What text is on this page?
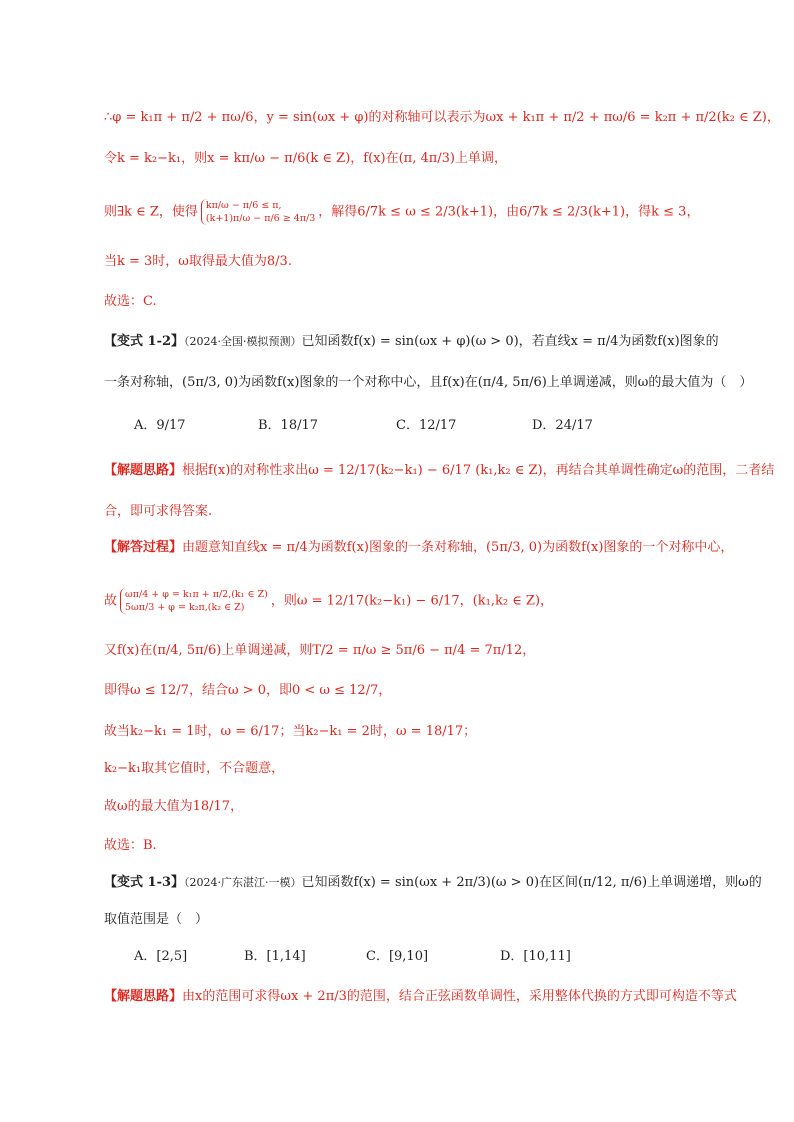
∴φ = k₁π + π/2 + πω/6，y = sin(ωx + φ)的对称轴可以表示为ωx + k₁π + π/2 + πω/6 = k₂π + π/2(k₂ ∈ Z)，
令k = k₂−k₁，则x = kπ/ω − π/6(k ∈ Z)，f(x)在(π, 4π/3)上单调，
则∃k ∈ Z，使得 kπ/ω − π/6 ≤ π,
(k+1)π/ω − π/6 ≥ 4π/3 ，解得6/7k ≤ ω ≤ 2/3(k+1)，由6/7k ≤ 2/3(k+1)，得k ≤ 3，
当k = 3时，ω取得最大值为8/3.
故选：C.
【变式 1-2】（2024·全国·模拟预测）已知函数f(x) = sin(ωx + φ)(ω > 0)，若直线x = π/4为函数f(x)图象的
一条对称轴，(5π/3, 0)为函数f(x)图象的一个对称中心，且f(x)在(π/4, 5π/6)上单调递减，则ω的最大值为（　）
A．9/17	B．18/17	C．12/17	D．24/17
【解题思路】根据f(x)的对称性求出ω = 12/17(k₂−k₁) − 6/17 (k₁,k₂ ∈ Z)，再结合其单调性确定ω的范围，二者结
合，即可求得答案.
【解答过程】由题意知直线x = π/4为函数f(x)图象的一条对称轴，(5π/3, 0)为函数f(x)图象的一个对称中心，
故 ωπ/4 + φ = k₁π + π/2,(k₁ ∈ Z)
5ωπ/3 + φ = k₂π,(k₂ ∈ Z)	，则ω = 12/17(k₂−k₁) − 6/17，(k₁,k₂ ∈ Z)，
又f(x)在(π/4, 5π/6)上单调递减，则T/2 = π/ω ≥ 5π/6 − π/4 = 7π/12，
即得ω ≤ 12/7，结合ω > 0，即0 < ω ≤ 12/7，
故当k₂−k₁ = 1时，ω = 6/17；当k₂−k₁ = 2时，ω = 18/17；
k₂−k₁取其它值时，不合题意，
故ω的最大值为18/17，
故选：B.
【变式 1-3】（2024·广东湛江·一模）已知函数f(x) = sin(ωx + 2π/3)(ω > 0)在区间(π/12, π/6)上单调递增，则ω的
取值范围是（　）
A．[2,5]	B．[1,14]	C．[9,10]	D．[10,11]
【解题思路】由x的范围可求得ωx + 2π/3的范围，结合正弦函数单调性，采用整体代换的方式即可构造不等式
